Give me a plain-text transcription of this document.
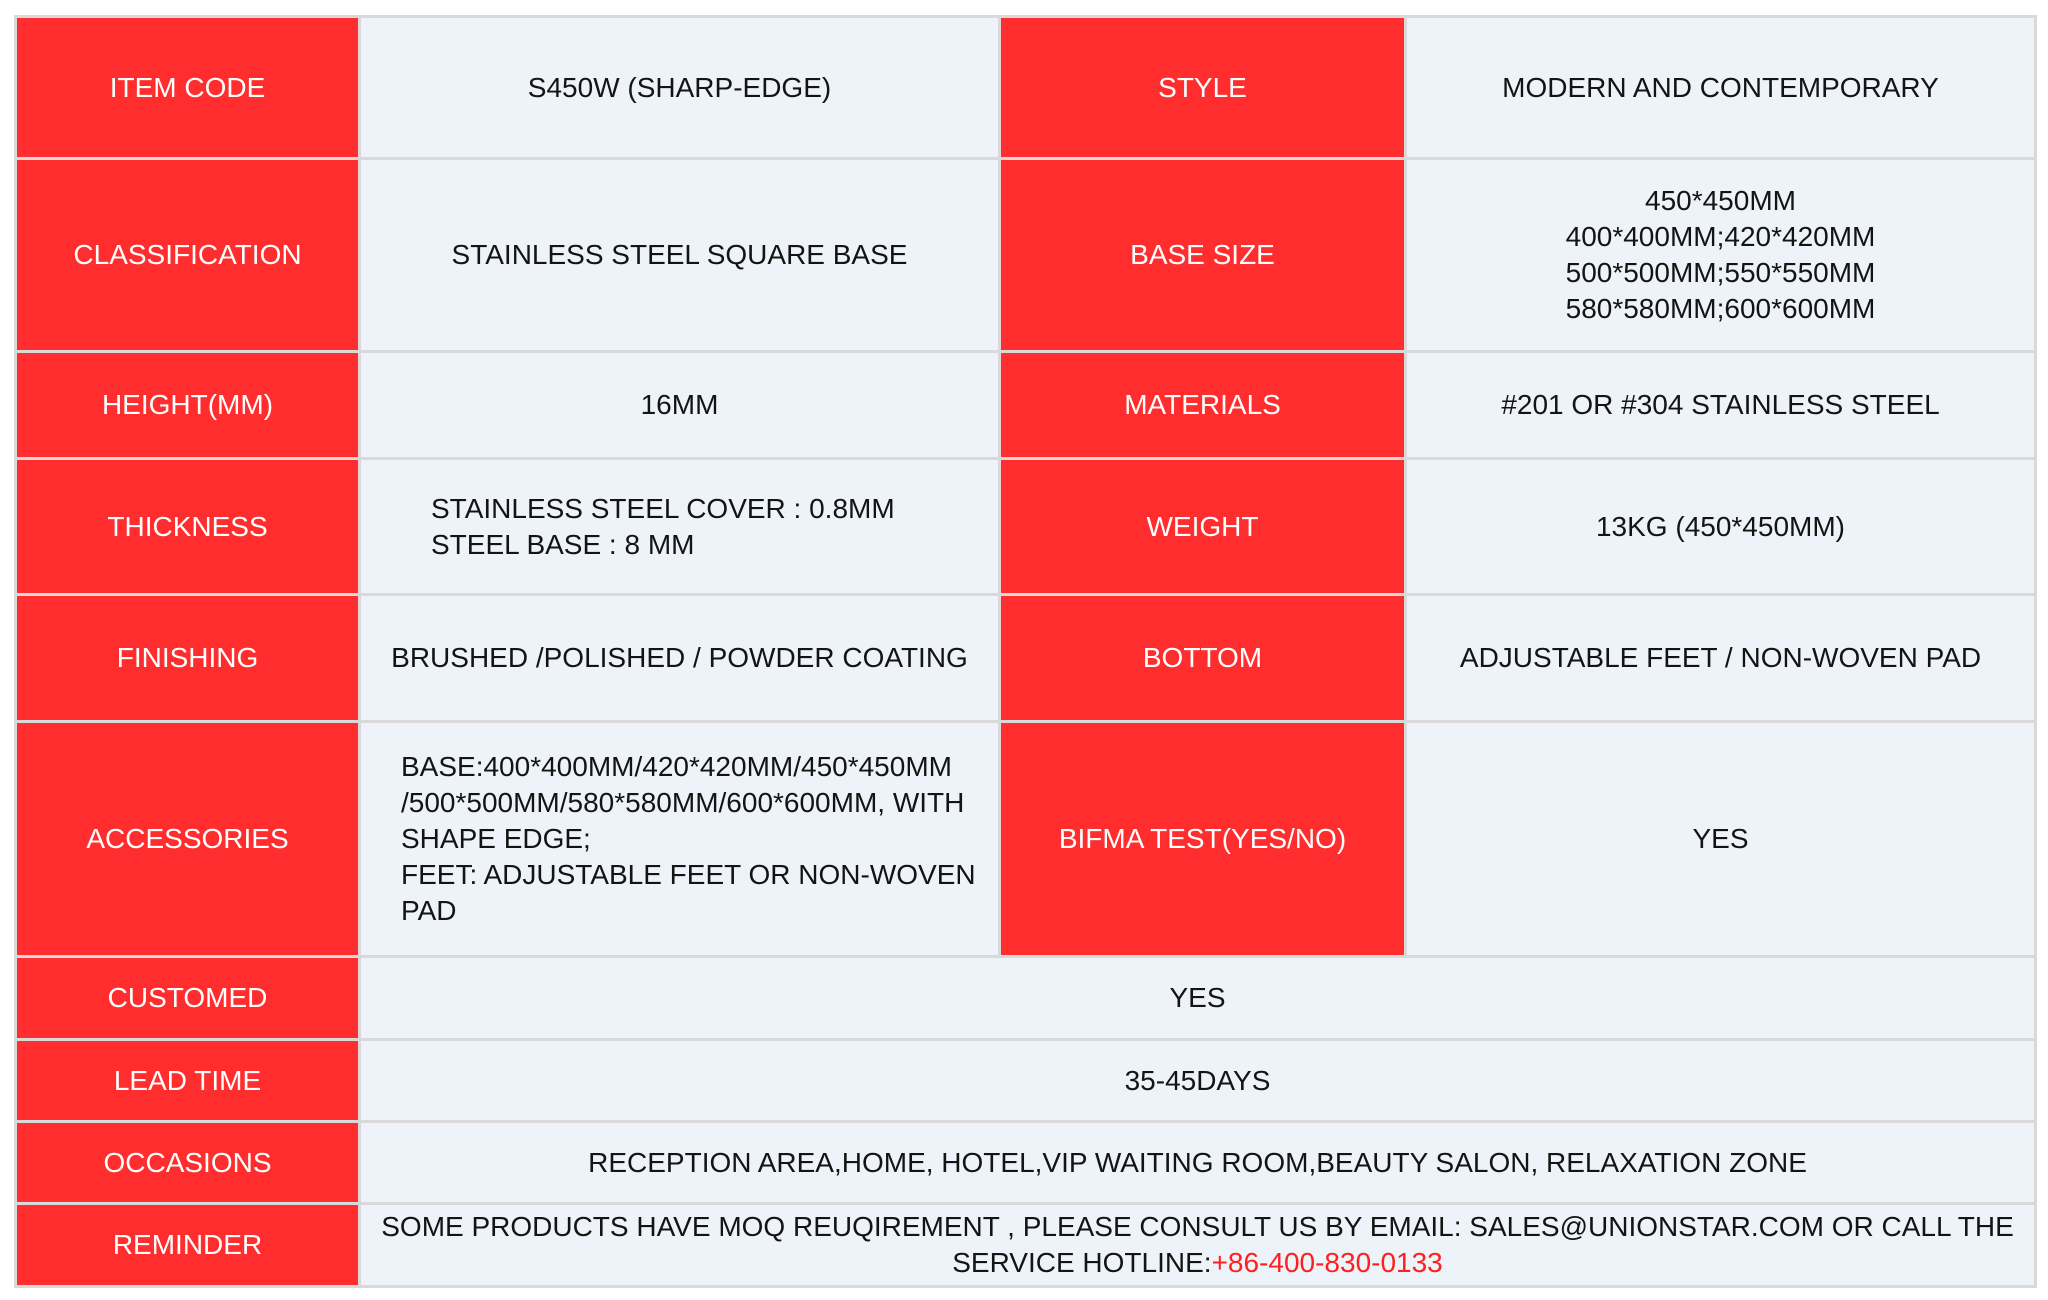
ITEM CODE	S450W (SHARP-EDGE)	STYLE	MODERN AND CONTEMPORARY
CLASSIFICATION	STAINLESS STEEL SQUARE BASE	BASE SIZE	450*450MM
400*400MM;420*420MM
500*500MM;550*550MM
580*580MM;600*600MM

HEIGHT(MM)	16MM	MATERIALS	#201 OR #304 STAINLESS STEEL
THICKNESS	STAINLESS STEEL COVER : 0.8MM
STEEL BASE : 8 MM	WEIGHT	13KG (450*450MM)
FINISHING	BRUSHED /POLISHED / POWDER COATING	BOTTOM	ADJUSTABLE FEET / NON-WOVEN PAD
ACCESSORIES	BASE:400*400MM/420*420MM/450*450MM
/500*500MM/580*580MM/600*600MM, WITH
SHAPE EDGE;
FEET: ADJUSTABLE FEET OR NON-WOVEN
PAD	BIFMA TEST(YES/NO)	YES
CUSTOMED	YES		
LEAD TIME	35-45DAYS		
OCCASIONS	RECEPTION AREA,HOME, HOTEL,VIP WAITING ROOM,BEAUTY SALON, RELAXATION ZONE		
REMINDER	SOME PRODUCTS HAVE MOQ REUQIREMENT , PLEASE CONSULT US BY EMAIL: SALES@UNIONSTAR.COM OR CALL THE
SERVICE HOTLINE:+86-400-830-0133		
